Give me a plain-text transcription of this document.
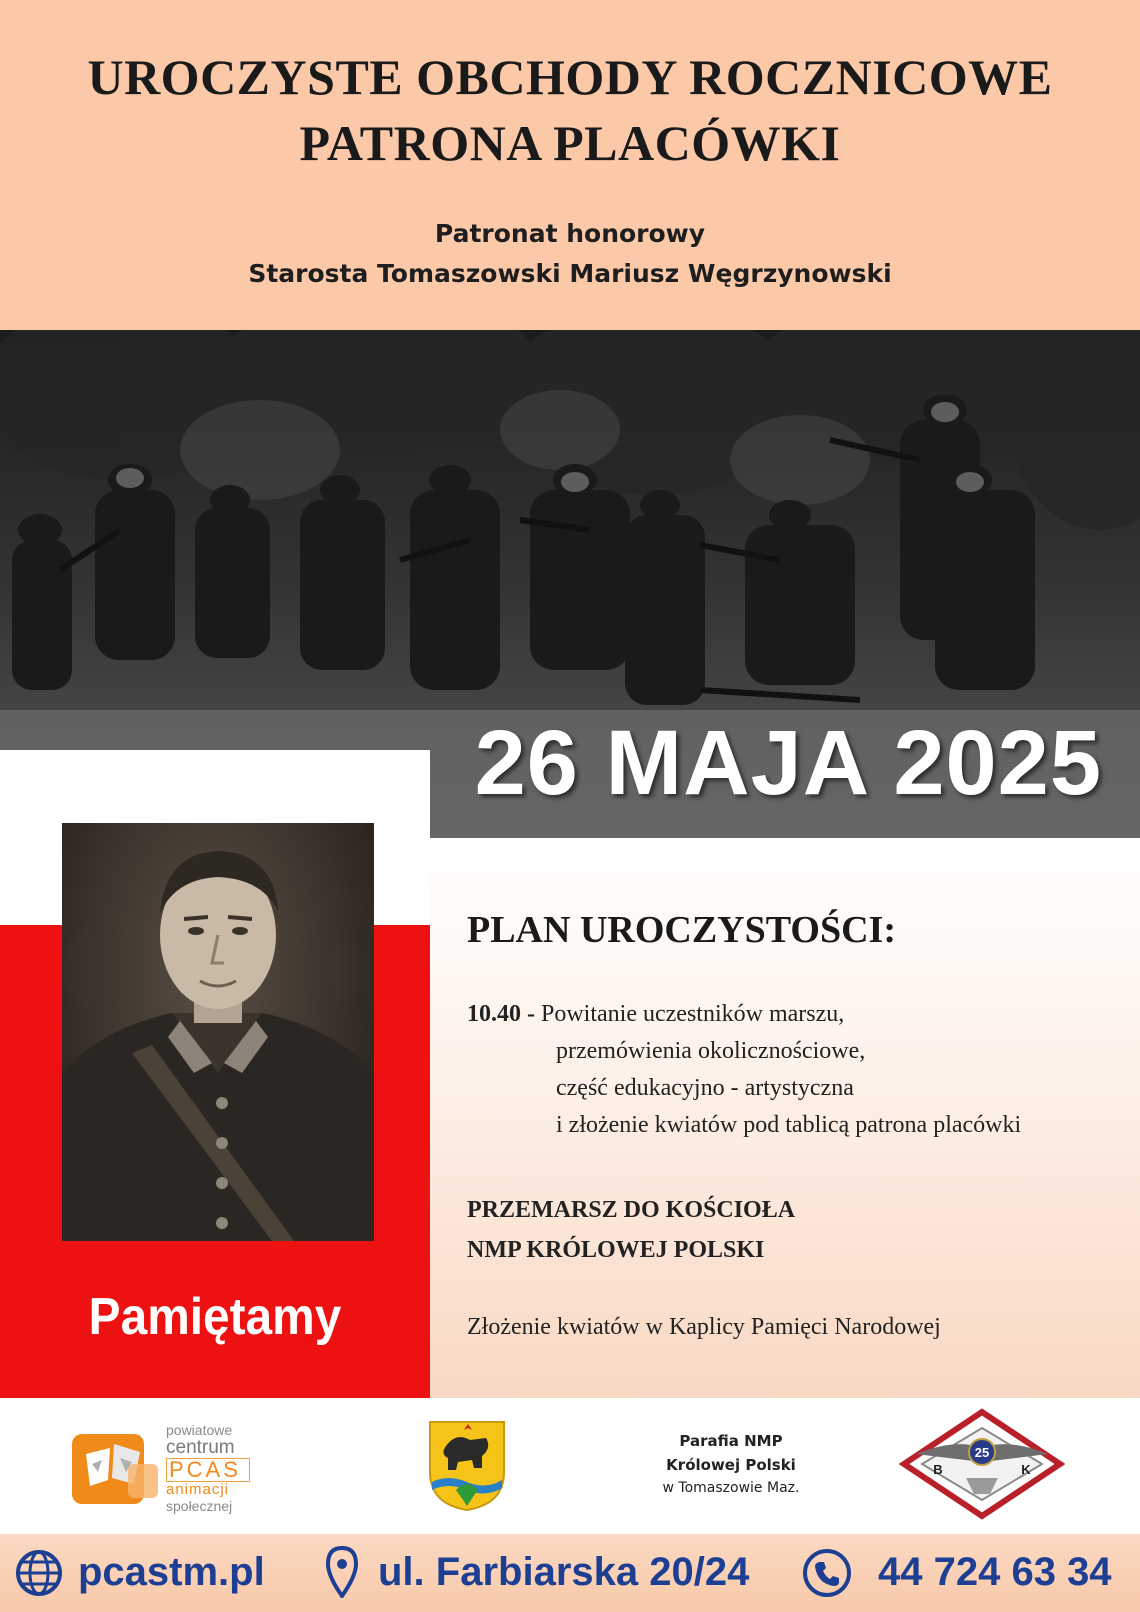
UROCZYSTE OBCHODY ROCZNICOWE
PATRONA PLACÓWKI
Patronat honorowy
Starosta Tomaszowski Mariusz Węgrzynowski
26 MAJA 2025
Pamiętamy
PLAN UROCZYSTOŚCI:
10.40 - Powitanie uczestników marszu,
przemówienia okolicznościowe,
część edukacyjno - artystyczna
i złożenie kwiatów pod tablicą patrona placówki
PRZEMARSZ DO KOŚCIOŁA
NMP KRÓLOWEJ POLSKI
Złożenie kwiatów w Kaplicy Pamięci Narodowej
powiatowe
centrum
PCAS
animacji
społecznej
Parafia NMP
Królowej Polski
w Tomaszowie Maz.
25
B	K
pcastm.pl	ul. Farbiarska 20/24	44 724 63 34
